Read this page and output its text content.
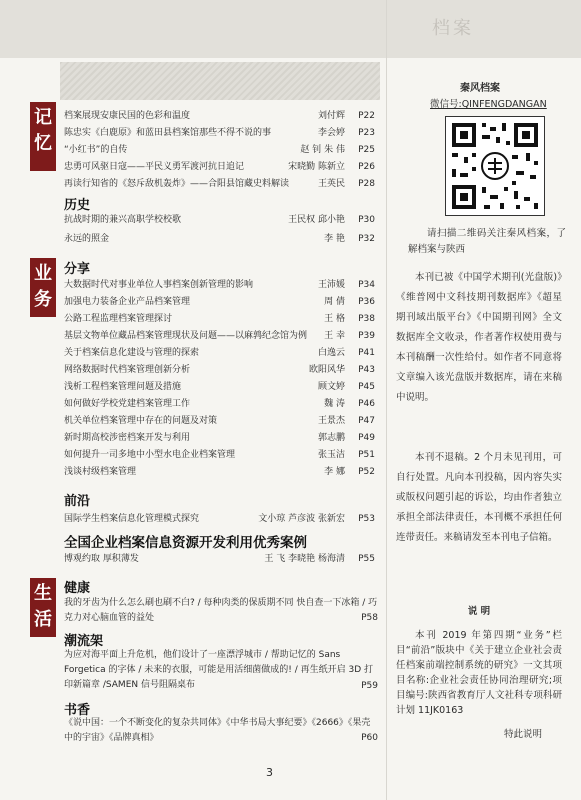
档案
记忆
业务
生活
档案展现安康民国的色彩和温度	刘付辉 P22
陈忠实《白鹿原》和蓝田县档案馆那些不得不说的事	李会婷 P23
“小红书”的自传	赵 钊 朱 伟 P25
忠勇可风驱日寇——平民义勇军渡河抗日追记	宋晓勤 陈新立 P26
再读行知省的《怒斥敌机轰炸》——合阳县馆藏史料解读	王英民 P28
历史
抗战时期的兼兴高职学校校歌	王民权 邱小艳 P30
永远的照金	李 艳 P32
分享
大数据时代对事业单位人事档案创新管理的影响	王沛媛 P34
加强电力装备企业产品档案管理	周 倩 P36
公路工程监理档案管理探讨	王 格 P38
基层文物单位藏品档案管理现状及问题——以麻鹑纪念馆为例 王 幸 P39
关于档案信息化建设与管理的探索	白逸云 P41
网络数据时代档案管理创新分析	欧阳风华 P43
浅析工程档案管理问题及措施	顾文婷 P45
如何做好学校党建档案管理工作	魏 涛 P46
机关单位档案管理中存在的问题及对策	王景杰 P47
新时期高校涉密档案开发与利用	郭志鹏 P49
如何提升一司多地中小型水电企业档案管理	张玉洁 P51
浅谈村级档案管理	李 娜 P52
前沿
国际学生档案信息化管理模式探究	文小琼 芦彦波 张新宏 P53
全国企业档案信息资源开发利用优秀案例
博观约取 厚积薄发	王 飞 李晓艳 杨海清 P55
健康
我的牙齿为什么怎么刷也刷不白? / 每种肉类的保质期不同 快自查一下冰箱 / 巧克力对心脑血管的益处	P58
潮流架
为应对海平面上升危机，他们设计了一座漂浮城市 / 帮助记忆的 Sans Forgetica 的字体 / 未来的衣服，可能是用活细菌做成的! / 再生纸开启 3D 打印新篇章 /SAMEN 信号阻隔桌布	P59
书香
《说中国：一个不断变化的复杂共同体》《中华书局大事纪要》《2666》《果壳中的宇宙》《品牌真相》	P60
秦风档案
微信号:QINFENGDANGAN
请扫描二维码关注秦风档案，了解档案与陕西
本刊已被《中国学术期刊(光盘版)》《维普网中文科技期刊数据库》《超星期刊域出版平台》《中国期刊网》全文数据库全文收录，作者著作权使用费与本刊稿酬一次性给付。如作者不同意将文章编入该光盘版并数据库，请在来稿中说明。
本刊不退稿。2 个月未见刊用，可自行处置。凡向本刊投稿，因内容失实或版权问题引起的诉讼，均由作者独立承担全部法律责任，本刊概不承担任何连带责任。来稿请发至本刊电子信箱。
说 明
本刊 2019 年第四期“业务”栏目“前沿”版块中《关于建立企业社会责任档案前端控制系统的研究》一文其项目名称:企业社会责任协同治理研究;项目编号:陕西省教育厅人文社科专项科研计划 11JK0163
特此说明
3
